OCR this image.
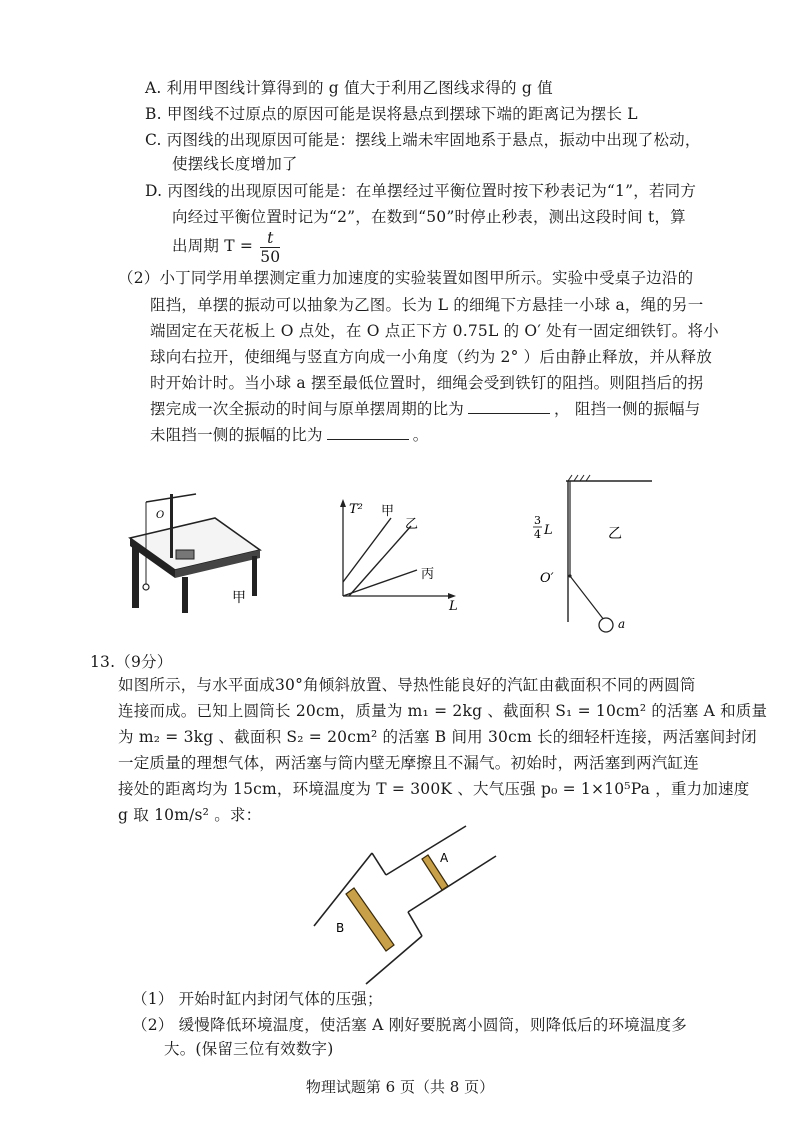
A. 利用甲图线计算得到的 g 值大于利用乙图线求得的 g 值
B. 甲图线不过原点的原因可能是误将悬点到摆球下端的距离记为摆长 L
C. 丙图线的出现原因可能是：摆线上端未牢固地系于悬点，振动中出现了松动，
使摆线长度增加了
D. 丙图线的出现原因可能是：在单摆经过平衡位置时按下秒表记为“1”，若同方
向经过平衡位置时记为“2”，在数到“50”时停止秒表，测出这段时间 t，算
出周期 $T = \frac{t}{50}$
（2）小丁同学用单摆测定重力加速度的实验装置如图甲所示。实验中受桌子边沿的
阻挡，单摆的振动可以抽象为乙图。长为 L 的细绳下方悬挂一小球 a，绳的另一
端固定在天花板上 O 点处，在 O 点正下方 0.75L 的 O′ 处有一固定细铁钉。将小
球向右拉开，使细绳与竖直方向成一小角度（约为 2° ）后由静止释放，并从释放
时开始计时。当小球 a 摆至最低位置时，细绳会受到铁钉的阻挡。则阻挡后的拐
摆完成一次全振动的时间与原单摆周期的比为	， 阻挡一侧的振幅与
未阻挡一侧的振幅的比为	。
O
甲
T²
L
甲
乙
丙
3
4 L
O′
乙
a
13.（9分）
如图所示，与水平面成30°角倾斜放置、导热性能良好的汽缸由截面积不同的两圆筒
连接而成。已知上圆筒长 20cm，质量为 m₁ = 2kg 、截面积 S₁ = 10cm² 的活塞 A 和质量
为 m₂ = 3kg 、截面积 S₂ = 20cm² 的活塞 B 间用 30cm 长的细轻杆连接，两活塞间封闭
一定质量的理想气体，两活塞与筒内壁无摩擦且不漏气。初始时，两活塞到两汽缸连
接处的距离均为 15cm，环境温度为 T = 300K 、大气压强 p₀ = 1×10⁵Pa ，重力加速度
g 取 10m/s² 。求：
A
B
（1） 开始时缸内封闭气体的压强；
（2） 缓慢降低环境温度，使活塞 A 刚好要脱离小圆筒，则降低后的环境温度多
大。(保留三位有效数字)
物理试题第 6 页（共 8 页）
